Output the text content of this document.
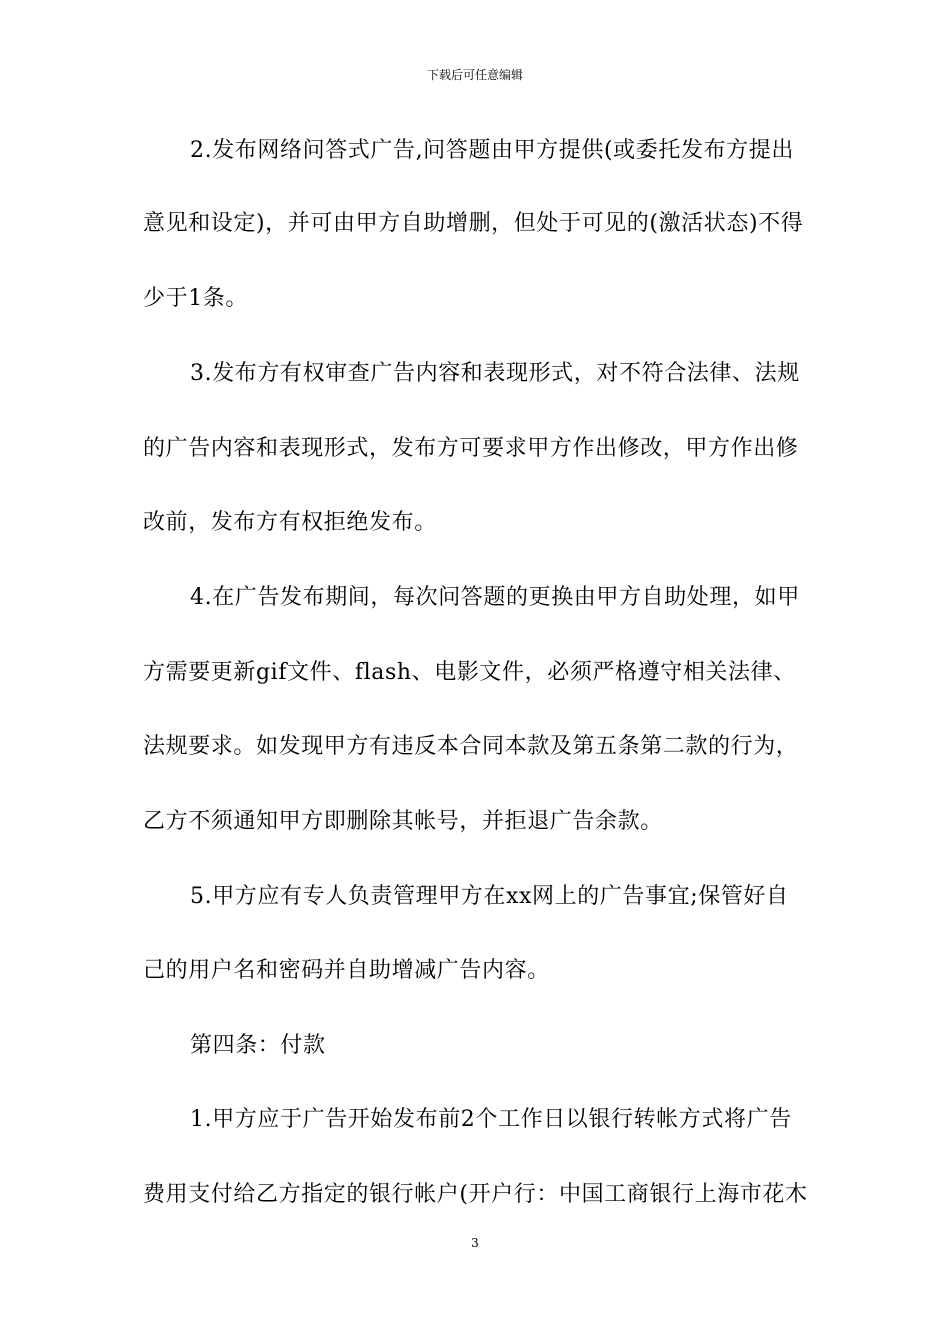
下载后可任意编辑
2.发布网络问答式广告,问答题由甲方提供(或委托发布方提出
意见和设定)，并可由甲方自助增删，但处于可见的(激活状态)不得
少于1条。
3.发布方有权审查广告内容和表现形式，对不符合法律、法规
的广告内容和表现形式，发布方可要求甲方作出修改，甲方作出修
改前，发布方有权拒绝发布。
4.在广告发布期间，每次问答题的更换由甲方自助处理，如甲
方需要更新gif文件、flash、电影文件，必须严格遵守相关法律、
法规要求。如发现甲方有违反本合同本款及第五条第二款的行为，
乙方不须通知甲方即删除其帐号，并拒退广告余款。
5.甲方应有专人负责管理甲方在xx网上的广告事宜;保管好自
己的用户名和密码并自助增减广告内容。
第四条：付款
1.甲方应于广告开始发布前2个工作日以银行转帐方式将广告
费用支付给乙方指定的银行帐户(开户行：中国工商银行上海市花木
3
